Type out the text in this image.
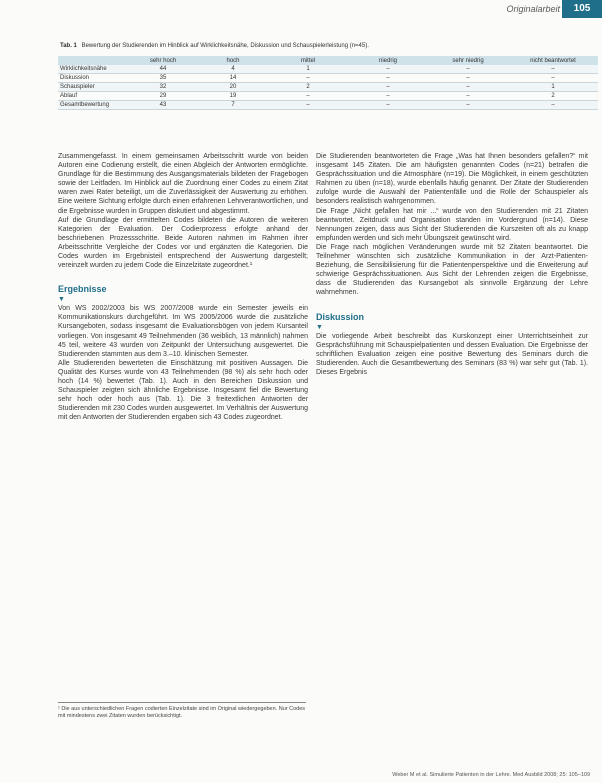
Originalarbeit	105
Tab. 1 Bewertung der Studierenden im Hinblick auf Wirklichkeitsnähe, Diskussion und Schauspielerleistung (n=45).
	sehr hoch	hoch	mittel	niedrig	sehr niedrig	nicht beantwortet
Wirklichkeitsnähe	44	4	1	–	–	–
Diskussion	35	14	–	–	–	–
Schauspieler	32	20	2	–	–	1
Ablauf	29	19	–	–	–	2
Gesamtbewertung	43	7	–	–	–	–

Zusammengefasst. In einem gemeinsamen Arbeitsschritt wurde von beiden Autoren eine Codierung erstellt, die einen Abgleich der Antworten ermöglichte. Grundlage für die Bestimmung des Ausgangsmaterials bildeten der Fragebogen sowie der Leitfaden. Im Hinblick auf die Zuordnung einer Codes zu einem Zitat waren zwei Rater beteiligt, um die Zuverlässigkeit der Auswertung zu erhöhen. Eine weitere Sichtung erfolgte durch einen erfahrenen Lehrverantwortlichen, und die Ergebnisse wurden in Gruppen diskutiert und abgestimmt.

Auf die Grundlage der ermittelten Codes bildeten die Autoren die weiteren Kategorien der Evaluation. Der Codierprozess erfolgte anhand der beschriebenen Prozessschritte. Beide Autoren nahmen im Rahmen ihrer Arbeitsschritte Vergleiche der Codes vor und ergänzten die Kategorien. Die Codes wurden im Ergebnisteil entsprechend der Auswertung dargestellt; vereinzelt wurden zu jedem Code die Einzelzitate zugeordnet.¹

Ergebnisse
▼

Von WS 2002/2003 bis WS 2007/2008 wurde ein Semester jeweils ein Kommunikationskurs durchgeführt. Im WS 2005/2006 wurde die zusätzliche Kursangeboten, sodass insgesamt die Evaluationsbögen von jedem Kursanteil vorliegen. Von insgesamt 49 Teilnehmenden (36 weiblich, 13 männlich) nahmen 45 teil, weitere 43 wurden von Zeitpunkt der Untersuchung ausgewertet. Die Studierenden stammten aus dem 3.–10. klinischen Semester.

Alle Studierenden bewerteten die Einschätzung mit positiven Aussagen. Die Qualität des Kurses wurde von 43 Teilnehmenden (98 %) als sehr hoch oder hoch (14 %) bewertet (Tab. 1). Auch in den Bereichen Diskussion und Schauspieler zeigten sich ähnliche Ergebnisse. Insgesamt fiel die Bewertung sehr hoch oder hoch aus (Tab. 1). Die 3 freitextlichen Antworten der Studierenden mit 230 Codes wurden ausgewertet. Im Verhältnis der Auswertung mit den Antworten der Studierenden ergaben sich 43 Codes zugeordnet.

Die Studierenden beantworteten die Frage „Was hat Ihnen besonders gefallen?“ mit insgesamt 145 Zitaten. Die am häufigsten genannten Codes (n=21) betrafen die Gesprächssituation und die Atmosphäre (n=19). Die Möglichkeit, in einem geschützten Rahmen zu üben (n=18), wurde ebenfalls häufig genannt. Der Zitate der Studierenden zufolge wurde die Auswahl der Patientenfälle und die Rolle der Schauspieler als besonders realistisch wahrgenommen.

Die Frage „Nicht gefallen hat mir ...“ wurde von den Studierenden mit 21 Zitaten beantwortet. Zeitdruck und Organisation standen im Vordergrund (n=14). Diese Nennungen zeigen, dass aus Sicht der Studierenden die Kurszeiten oft als zu knapp empfunden werden und sich mehr Übungszeit gewünscht wird.

Die Frage nach möglichen Veränderungen wurde mit 52 Zitaten beantwortet. Die Teilnehmer wünschten sich zusätzliche Kommunikation in der Arzt-Patienten-Beziehung, die Sensibilisierung für die Patientenperspektive und die Erweiterung auf schwierige Gesprächssituationen. Aus Sicht der Lehrenden zeigen die Ergebnisse, dass die Studierenden das Kursangebot als sinnvolle Ergänzung der Lehre wahrnehmen.

Diskussion
▼

Die vorliegende Arbeit beschreibt das Kurskonzept einer Unterrichtseinheit zur Gesprächsführung mit Schauspielpatienten und dessen Evaluation. Die Ergebnisse der schriftlichen Evaluation zeigen eine positive Bewertung des Seminars durch die Studierenden. Auch die Gesamtbewertung des Seminars (83 %) war sehr gut (Tab. 1). Dieses Ergebnis

¹ Die aus unterschiedlichen Fragen codierten Einzelzitate sind im Original wiedergegeben. Nur Codes mit mindestens zwei Zitaten wurden berücksichtigt.
Weber M et al. Simulierte Patienten in der Lehre. Med Ausbild 2008; 25: 105–109
